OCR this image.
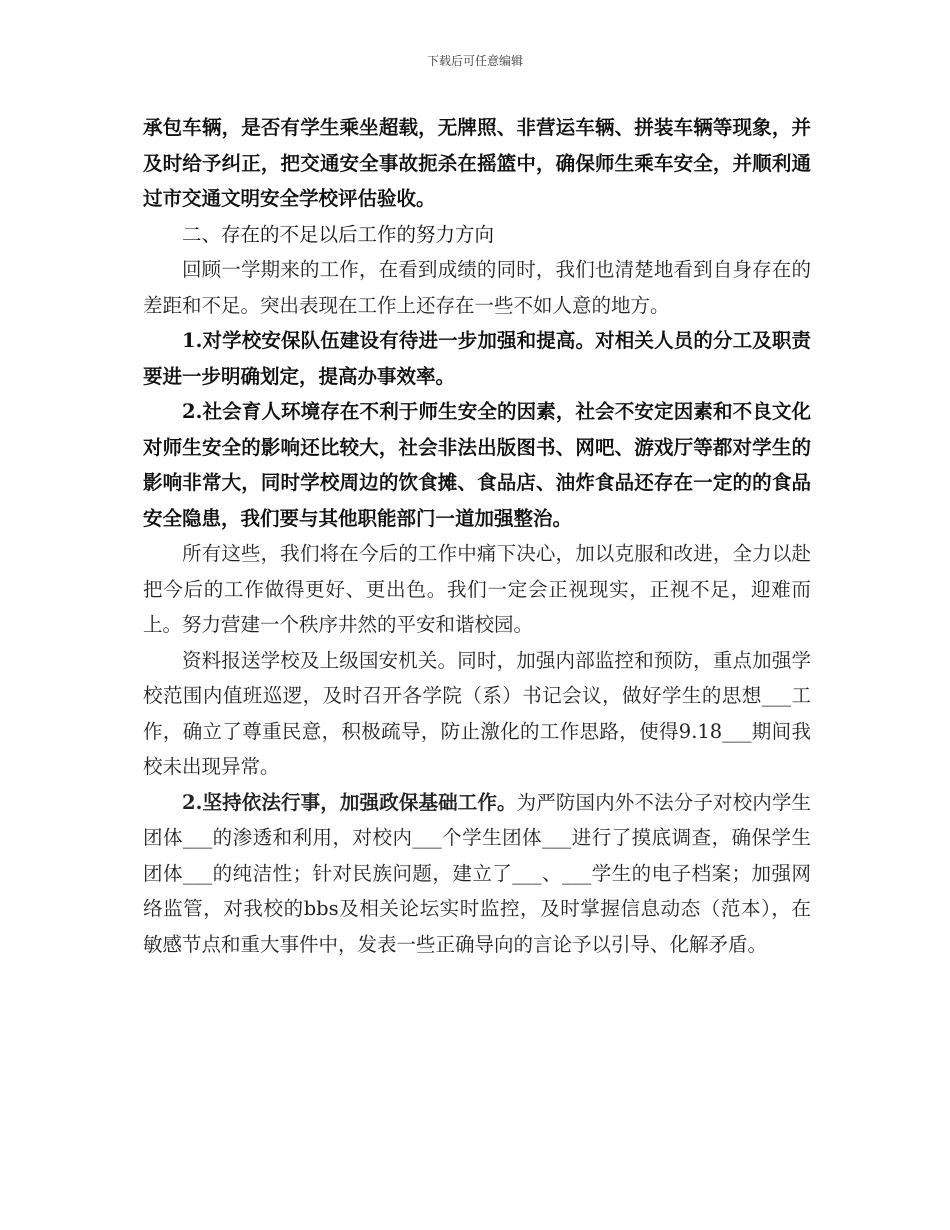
下载后可任意编辑

承包车辆，是否有学生乘坐超载，无牌照、非营运车辆、拼装车辆等现象，并及时给予纠正，把交通安全事故扼杀在摇篮中，确保师生乘车安全，并顺利通过市交通文明安全学校评估验收。

二、存在的不足以后工作的努力方向

回顾一学期来的工作，在看到成绩的同时，我们也清楚地看到自身存在的差距和不足。突出表现在工作上还存在一些不如人意的地方。

1.对学校安保队伍建设有待进一步加强和提高。对相关人员的分工及职责要进一步明确划定，提高办事效率。

2.社会育人环境存在不利于师生安全的因素，社会不安定因素和不良文化对师生安全的影响还比较大，社会非法出版图书、网吧、游戏厅等都对学生的影响非常大，同时学校周边的饮食摊、食品店、油炸食品还存在一定的的食品安全隐患，我们要与其他职能部门一道加强整治。

所有这些，我们将在今后的工作中痛下决心，加以克服和改进，全力以赴把今后的工作做得更好、更出色。我们一定会正视现实，正视不足，迎难而上。努力营建一个秩序井然的平安和谐校园。

资料报送学校及上级国安机关。同时，加强内部监控和预防，重点加强学校范围内值班巡逻，及时召开各学院（系）书记会议，做好学生的思想___工作，确立了尊重民意，积极疏导，防止激化的工作思路，使得9.18___期间我校未出现异常。

2.坚持依法行事，加强政保基础工作。为严防国内外不法分子对校内学生团体___的渗透和利用，对校内___个学生团体___进行了摸底调查，确保学生团体___的纯洁性；针对民族问题，建立了___、___学生的电子档案；加强网络监管，对我校的bbs及相关论坛实时监控，及时掌握信息动态（范本），在敏感节点和重大事件中，发表一些正确导向的言论予以引导、化解矛盾。
